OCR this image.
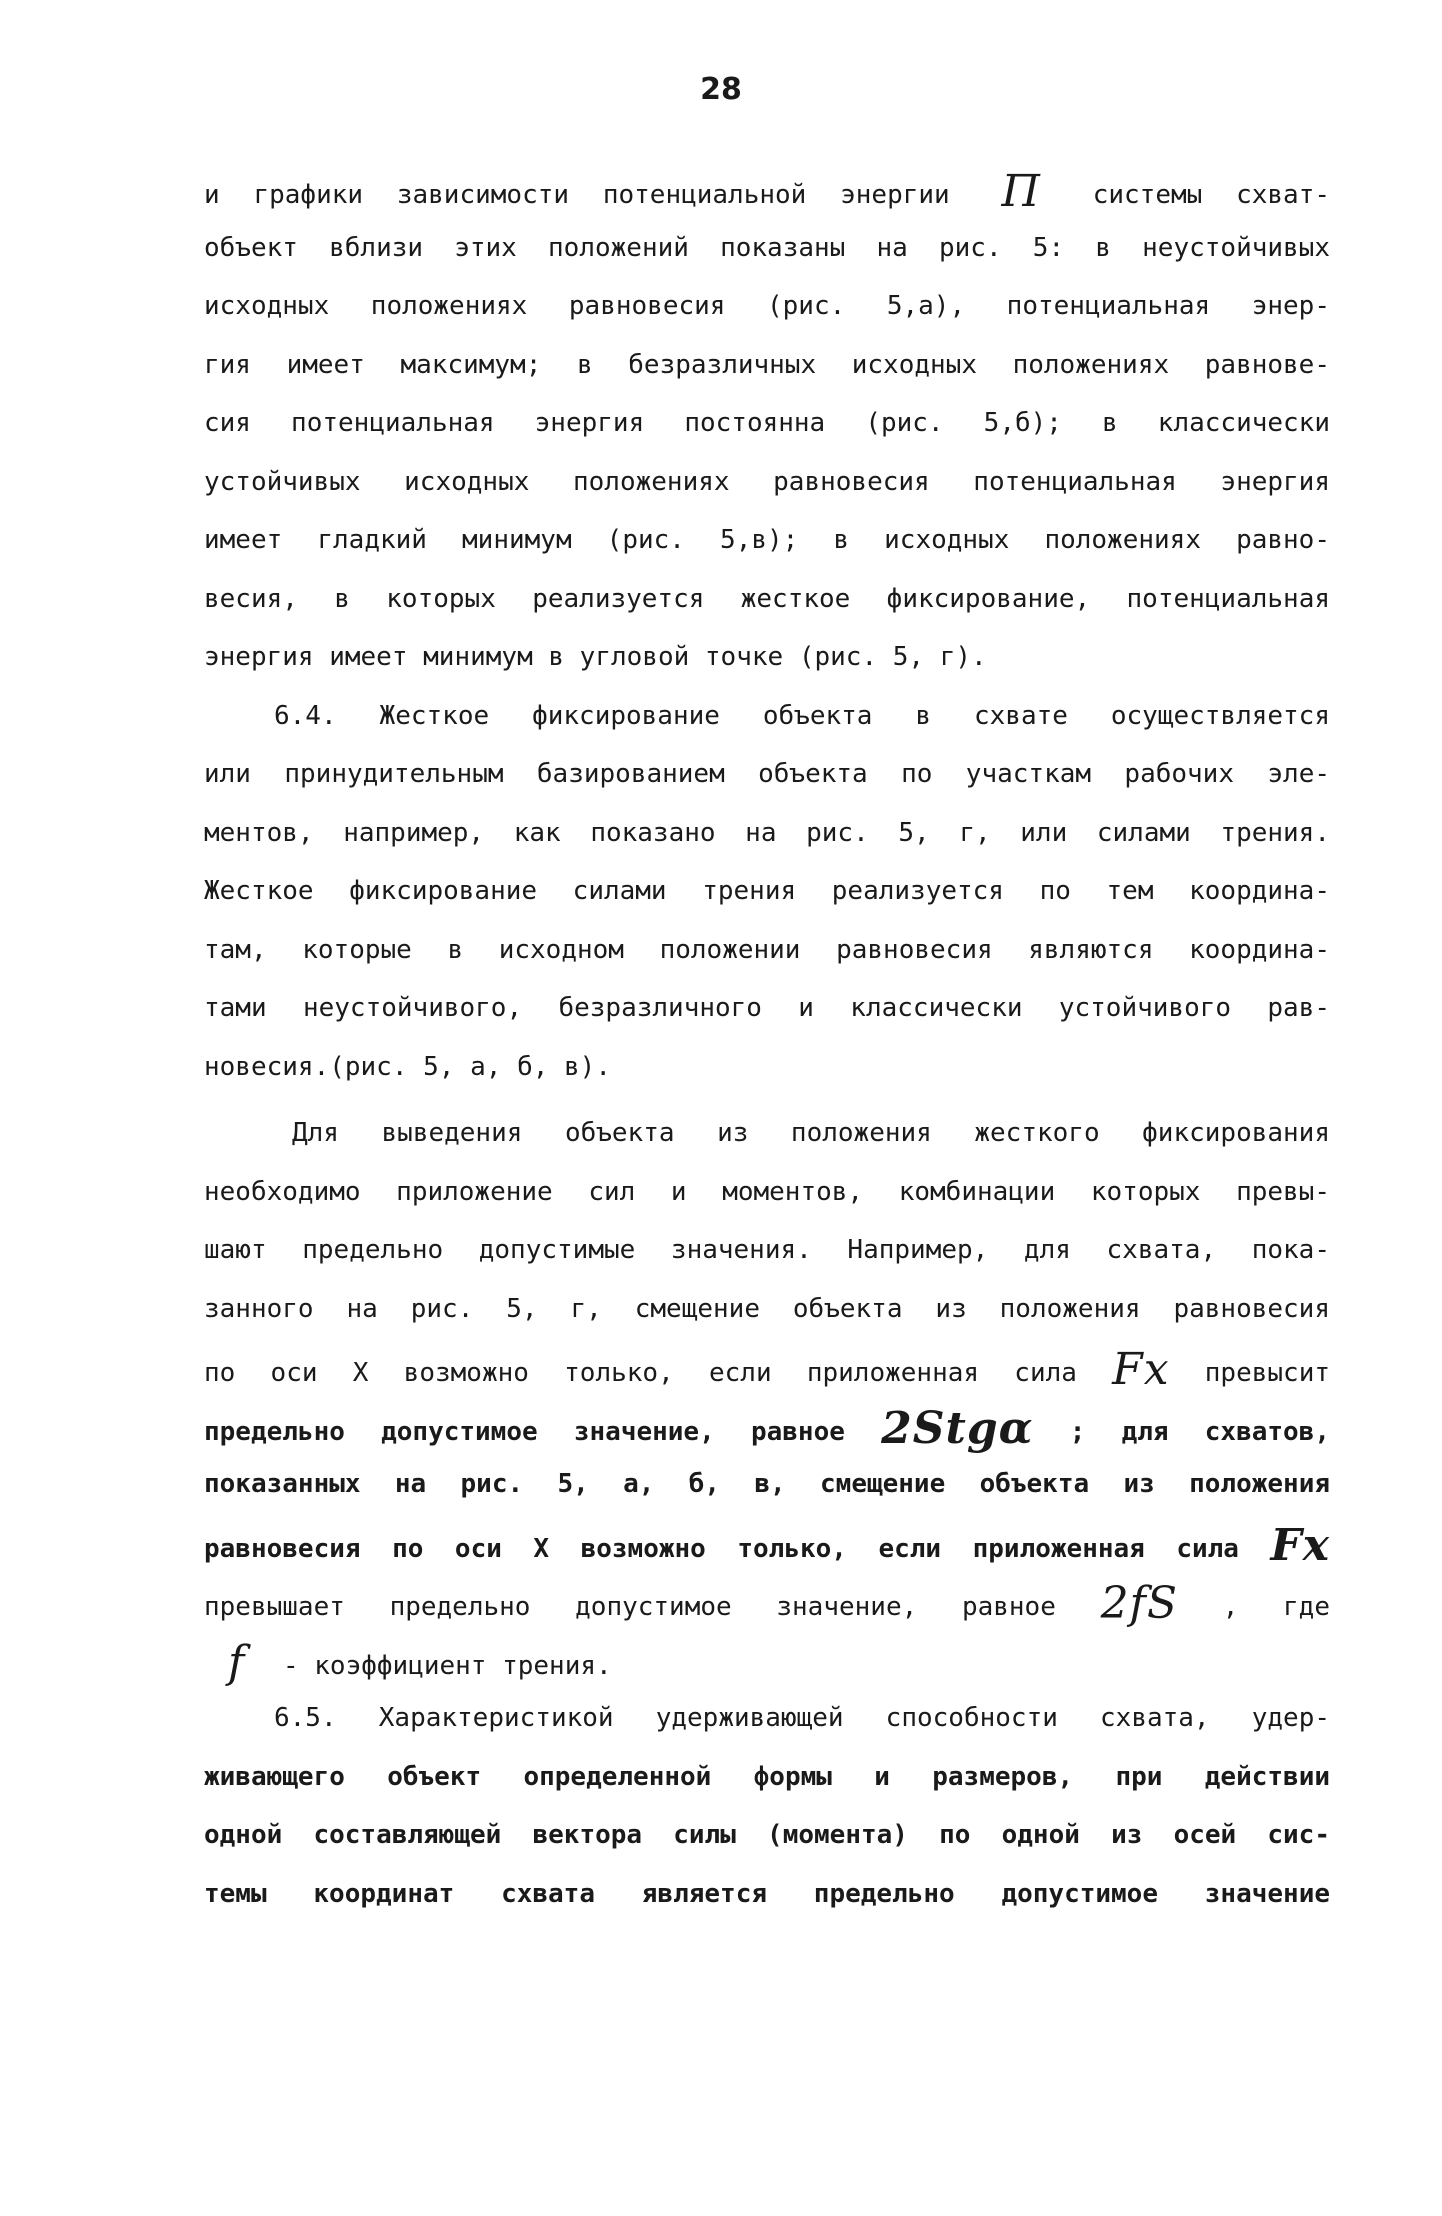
28
и графики зависимости потенциальной энергии П системы схват-
объект вблизи этих положений показаны на рис. 5: в неустойчивых
исходных положениях равновесия (рис. 5,а), потенциальная энер-
гия имеет максимум; в безразличных исходных положениях равнове-
сия потенциальная энергия постоянна (рис. 5,б); в классически
устойчивых исходных положениях равновесия потенциальная энергия
имеет гладкий минимум (рис. 5,в); в исходных положениях равно-
весия, в которых реализуется жесткое фиксирование, потенциальная
энергия имеет минимум в угловой точке (рис. 5, г).
6.4. Жесткое фиксирование объекта в схвате осуществляется
или принудительным базированием объекта по участкам рабочих эле-
ментов, например, как показано на рис. 5, г, или силами трения.
Жесткое фиксирование силами трения реализуется по тем координа-
там, которые в исходном положении равновесия являются координа-
тами неустойчивого, безразличного и классически устойчивого рав-
новесия.(рис. 5, а, б, в).
Для выведения объекта из положения жесткого фиксирования
необходимо приложение сил и моментов, комбинации которых превы-
шают предельно допустимые значения. Например, для схвата, пока-
занного на рис. 5, г, смещение объекта из положения равновесия
по оси X возможно только, если приложенная сила Fx превысит
предельно допустимое значение, равное 2Stgα ; для схватов,
показанных на рис. 5, а, б, в, смещение объекта из положения
равновесия по оси X возможно только, если приложенная сила Fx
превышает предельно допустимое значение, равное 2fS , где
f - коэффициент трения.
6.5. Характеристикой удерживающей способности схвата, удер-
живающего объект определенной формы и размеров, при действии
одной составляющей вектора силы (момента) по одной из осей сис-
темы координат схвата является предельно допустимое значение
